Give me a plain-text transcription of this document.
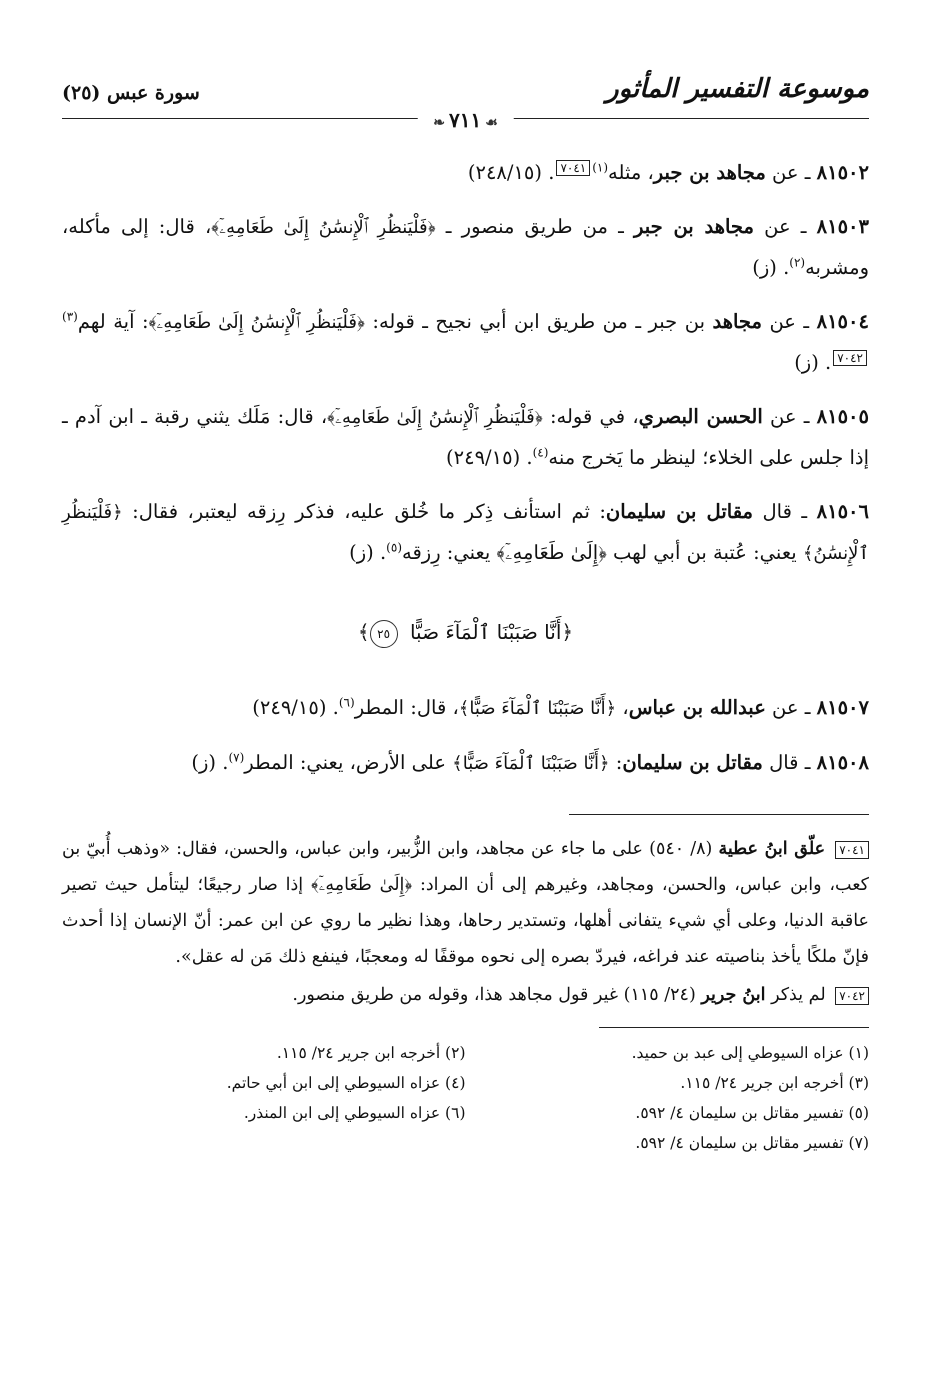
موسوعة التفسير المأثور
❧ ٧١١ ☙
سورة عبس (٢٥)
٨١٥٠٢ ـ عن مجاهد بن جبر، مثله$^{(١)}$٧٠٤١. (٢٤٨/١٥)
٨١٥٠٣ ـ عن مجاهد بن جبر ـ من طريق منصور ـ ﴿فَلْيَنظُرِ ٱلْإِنسَٰنُ إِلَىٰ طَعَامِهِۦٓ﴾، قال: إلى مأكله، ومشربه$^{(٢)}$. (ز)
٨١٥٠٤ ـ عن مجاهد بن جبر ـ من طريق ابن أبي نجيح ـ قوله: ﴿فَلْيَنظُرِ ٱلْإِنسَٰنُ إِلَىٰ طَعَامِهِۦٓ﴾: آية لهم$^{(٣)}$٧٠٤٢. (ز)
٨١٥٠٥ ـ عن الحسن البصري، في قوله: ﴿فَلْيَنظُرِ ٱلْإِنسَٰنُ إِلَىٰ طَعَامِهِۦٓ﴾، قال: مَلَك يثني رقبة ـ ابن آدم ـ إذا جلس على الخلاء؛ لينظر ما يَخرج منه$^{(٤)}$. (٢٤٩/١٥)
٨١٥٠٦ ـ قال مقاتل بن سليمان: ثم استأنف ذِكر ما خُلق عليه، فذكر رِزقه ليعتبر، فقال: ﴿فَلْيَنظُرِ ٱلْإِنسَٰنُ﴾ يعني: عُتبة بن أبي لهب ﴿إِلَىٰ طَعَامِهِۦٓ﴾ يعني: رِزقه$^{(٥)}$. (ز)
﴿أَنَّا صَبَبْنَا ٱلْمَآءَ صَبًّا ٢٥﴾
٨١٥٠٧ ـ عن عبدالله بن عباس، ﴿أَنَّا صَبَبْنَا ٱلْمَآءَ صَبًّا﴾، قال: المطر$^{(٦)}$. (٢٤٩/١٥)
٨١٥٠٨ ـ قال مقاتل بن سليمان: ﴿أَنَّا صَبَبْنَا ٱلْمَآءَ صَبًّا﴾ على الأرض، يعني: المطر$^{(٧)}$. (ز)
٧٠٤١ علّق ابنُ عطية (٨/ ٥٤٠) على ما جاء عن مجاهد، وابن الزُّبير، وابن عباس، والحسن، فقال: «وذهب أُبيّ بن كعب، وابن عباس، والحسن، ومجاهد، وغيرهم إلى أن المراد: ﴿إِلَىٰ طَعَامِهِۦٓ﴾ إذا صار رجيعًا؛ ليتأمل حيث تصير عاقبة الدنيا، وعلى أي شيء يتفانى أهلها، وتستدير رحاها، وهذا نظير ما روي عن ابن عمر: أنّ الإنسان إذا أحدث فإنّ ملكًا يأخذ بناصيته عند فراغه، فيردّ بصره إلى نحوه موقفًا له ومعجبًا، فينفع ذلك مَن له عقل».
٧٠٤٢ لم يذكر ابنُ جرير (٢٤/ ١١٥) غير قول مجاهد هذا، وقوله من طريق منصور.
(١) عزاه السيوطي إلى عبد بن حميد.
(٢) أخرجه ابن جرير ٢٤/ ١١٥.
(٣) أخرجه ابن جرير ٢٤/ ١١٥.
(٤) عزاه السيوطي إلى ابن أبي حاتم.
(٥) تفسير مقاتل بن سليمان ٤/ ٥٩٢.
(٦) عزاه السيوطي إلى ابن المنذر.
(٧) تفسير مقاتل بن سليمان ٤/ ٥٩٢.
